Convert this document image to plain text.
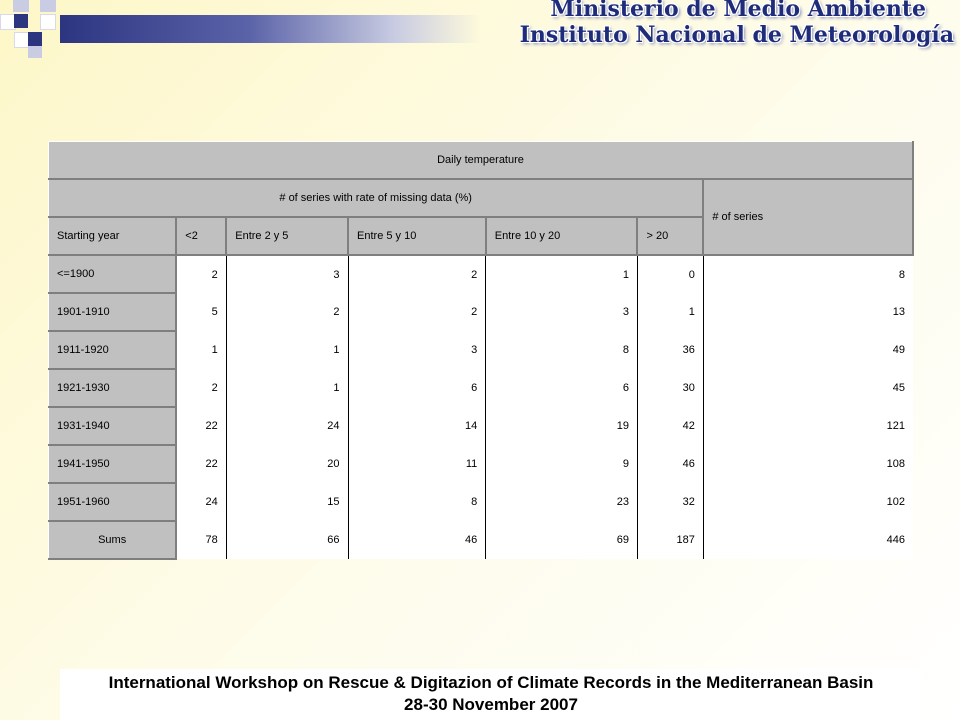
Ministerio de Medio Ambiente
Instituto Nacional de Meteorología
Daily temperature						
# of series with rate of missing data (%)						# of series
Starting year	<2	Entre 2 y 5	Entre 5 y 10	Entre 10 y 20	> 20	
<=1900	2	3	2	1	0	8
1901-1910	5	2	2	3	1	13
1911-1920	1	1	3	8	36	49
1921-1930	2	1	6	6	30	45
1931-1940	22	24	14	19	42	121
1941-1950	22	20	11	9	46	108
1951-1960	24	15	8	23	32	102
Sums	78	66	46	69	187	446
International Workshop on Rescue & Digitazion of Climate Records in the Mediterranean Basin
28-30 November 2007
